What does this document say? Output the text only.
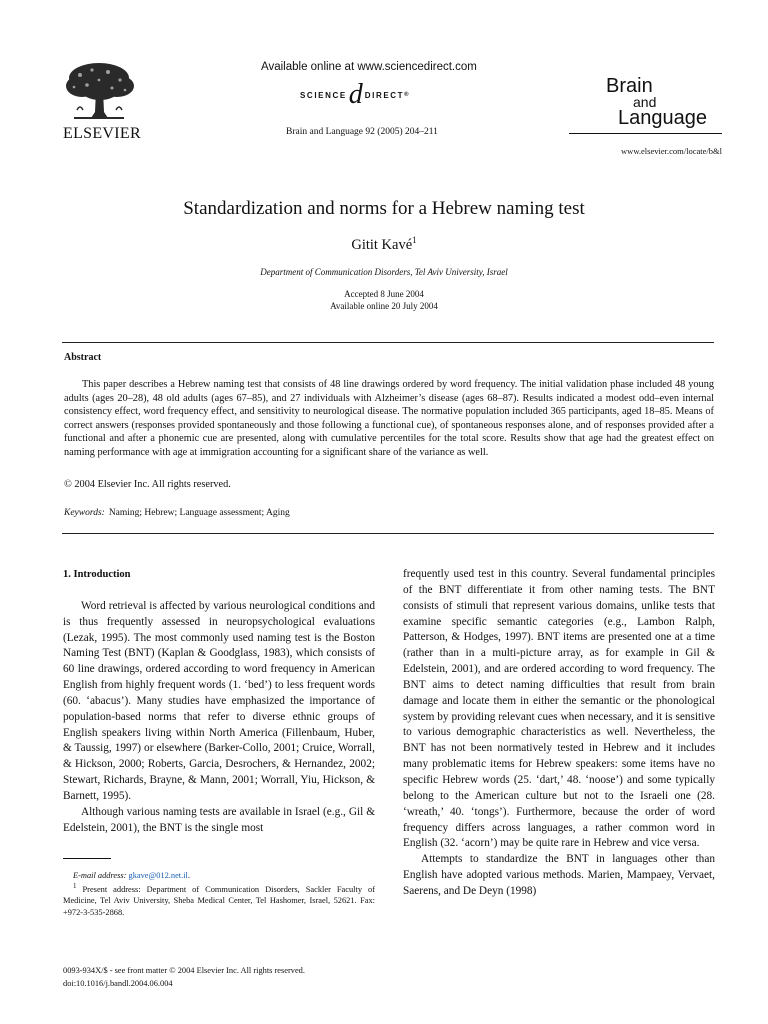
ELSEVIER
Available online at www.sciencedirect.com
SCIENCE d DIRECT ®
Brain and Language 92 (2005) 204–211
Brain
and
Language
www.elsevier.com/locate/b&l
Standardization and norms for a Hebrew naming test
Gitit Kavé$^1$
Department of Communication Disorders, Tel Aviv University, Israel
Accepted 8 June 2004
Available online 20 July 2004
Abstract
This paper describes a Hebrew naming test that consists of 48 line drawings ordered by word frequency. The initial validation phase included 48 young adults (ages 20–28), 48 old adults (ages 67–85), and 27 individuals with Alzheimer’s disease (ages 68–87). Results indicated a modest odd–even internal consistency effect, word frequency effect, and sensitivity to neurological disease. The normative population included 365 participants, aged 18–85. Means of correct answers (responses provided spontaneously and those following a functional cue), of spontaneous responses alone, and of responses provided after a functional and after a phonemic cue are presented, along with cumulative percentiles for the total score. Results show that age had the greatest effect on naming performance with age at immigration accounting for a significant share of the variance as well.
© 2004 Elsevier Inc. All rights reserved.
Keywords: Naming; Hebrew; Language assessment; Aging
1. Introduction

Word retrieval is affected by various neurological conditions and is thus frequently assessed in neuropsychological evaluations (Lezak, 1995). The most commonly used naming test is the Boston Naming Test (BNT) (Kaplan & Goodglass, 1983), which consists of 60 line drawings, ordered according to word frequency in American English from highly frequent words (1. ‘bed’) to less frequent words (60. ‘abacus’). Many studies have emphasized the importance of population-based norms that refer to diverse ethnic groups of English speakers living within North America (Fillenbaum, Huber, & Taussig, 1997) or elsewhere (Barker-Collo, 2001; Cruice, Worrall, & Hickson, 2000; Roberts, Garcia, Desrochers, & Hernandez, 2002; Stewart, Richards, Brayne, & Mann, 2001; Worrall, Yiu, Hickson, & Barnett, 1995).

Although various naming tests are available in Israel (e.g., Gil & Edelstein, 2001), the BNT is the single most

frequently used test in this country. Several fundamental principles of the BNT differentiate it from other naming tests. The BNT consists of stimuli that represent various domains, unlike tests that examine specific semantic categories (e.g., Lambon Ralph, Patterson, & Hodges, 1997). BNT items are presented one at a time (rather than in a multi-picture array, as for example in Gil & Edelstein, 2001), and are ordered according to word frequency. The BNT aims to detect naming difficulties that result from brain damage and locate them in either the semantic or the phonological system by providing relevant cues when necessary, and it is sensitive to various demographic characteristics as well. Nevertheless, the BNT has not been normatively tested in Hebrew and it includes many problematic items for Hebrew speakers: some items have no specific Hebrew words (25. ‘dart,’ 48. ‘noose’) and some typically belong to the American culture but not to the Israeli one (28. ‘wreath,’ 40. ‘tongs’). Furthermore, because the order of word frequency differs across languages, a rather common word in English (32. ‘acorn’) may be quite rare in Hebrew and vice versa.

Attempts to standardize the BNT in languages other than English have adopted various methods. Marien, Mampaey, Vervaet, Saerens, and De Deyn (1998)

E-mail address: gkave@012.net.il.

$^1$ Present address: Department of Communication Disorders, Sackler Faculty of Medicine, Tel Aviv University, Sheba Medical Center, Tel Hashomer, Israel, 52621. Fax: +972-3-535-2868.

0093-934X/$ - see front matter © 2004 Elsevier Inc. All rights reserved.
doi:10.1016/j.bandl.2004.06.004
